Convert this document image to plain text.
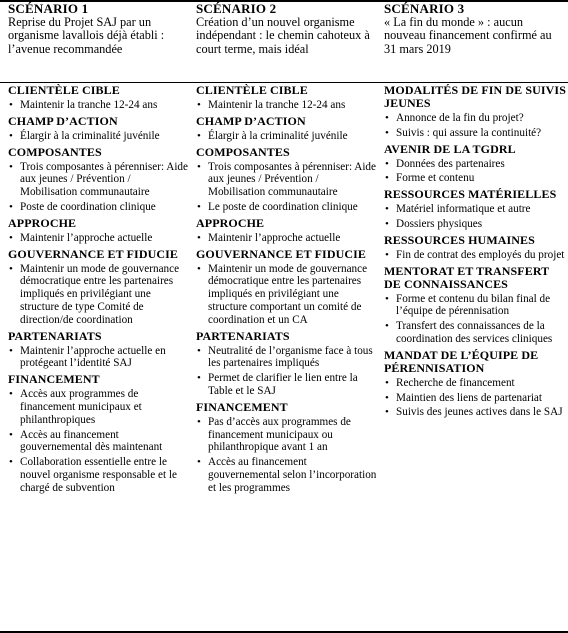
SCÉNARIO 1
Reprise du Projet SAJ par un organisme lavallois déjà établi : l’avenue recommandée
CLIENTÈLE CIBLE
• Maintenir la tranche 12-24 ans
CHAMP D’ACTION
• Élargir à la criminalité juvénile
COMPOSANTES
• Trois composantes à pérenniser: Aide aux jeunes / Prévention / Mobilisation communautaire
• Poste de coordination clinique
APPROCHE
• Maintenir l’approche actuelle
GOUVERNANCE ET FIDUCIE
• Maintenir un mode de gouvernance démocratique entre les partenaires impliqués en privilégiant une structure de type Comité de direction/de coordination
PARTENARIATS
• Maintenir l’approche actuelle en protégeant l’identité SAJ
FINANCEMENT
• Accès aux programmes de financement municipaux et philanthropiques
• Accès au financement gouvernemental dès maintenant
• Collaboration essentielle entre le nouvel organisme responsable et le chargé de subvention
SCÉNARIO 2
Création d’un nouvel organisme indépendant : le chemin cahoteux à court terme, mais idéal
CLIENTÈLE CIBLE
• Maintenir la tranche 12-24 ans
CHAMP D’ACTION
• Élargir à la criminalité juvénile
COMPOSANTES
• Trois composantes à pérenniser: Aide aux jeunes / Prévention / Mobilisation communautaire
• Le poste de coordination clinique
APPROCHE
• Maintenir l’approche actuelle
GOUVERNANCE ET FIDUCIE
• Maintenir un mode de gouvernance démocratique entre les partenaires impliqués en privilégiant une structure comportant un comité de coordination et un CA
PARTENARIATS
• Neutralité de l’organisme face à tous les partenaires impliqués
• Permet de clarifier le lien entre la Table et le SAJ
FINANCEMENT
• Pas d’accès aux programmes de financement municipaux ou philanthropique avant 1 an
• Accès au financement gouvernemental selon l’incorporation et les programmes
SCÉNARIO 3
« La fin du monde » : aucun nouveau financement confirmé au 31 mars 2019
MODALITÉS DE FIN DE SUIVIS JEUNES
• Annonce de la fin du projet?
• Suivis : qui assure la continuité?
AVENIR DE LA TGDRL
• Données des partenaires
• Forme et contenu
RESSOURCES MATÉRIELLES
• Matériel informatique et autre
• Dossiers physiques
RESSOURCES HUMAINES
• Fin de contrat des employés du projet
MENTORAT ET TRANSFERT DE CONNAISSANCES
• Forme et contenu du bilan final de l’équipe de pérennisation
• Transfert des connaissances de la coordination des services cliniques
MANDAT DE L’ÉQUIPE DE PÉRENNISATION
• Recherche de financement
• Maintien des liens de partenariat
• Suivis des jeunes actives dans le SAJ
